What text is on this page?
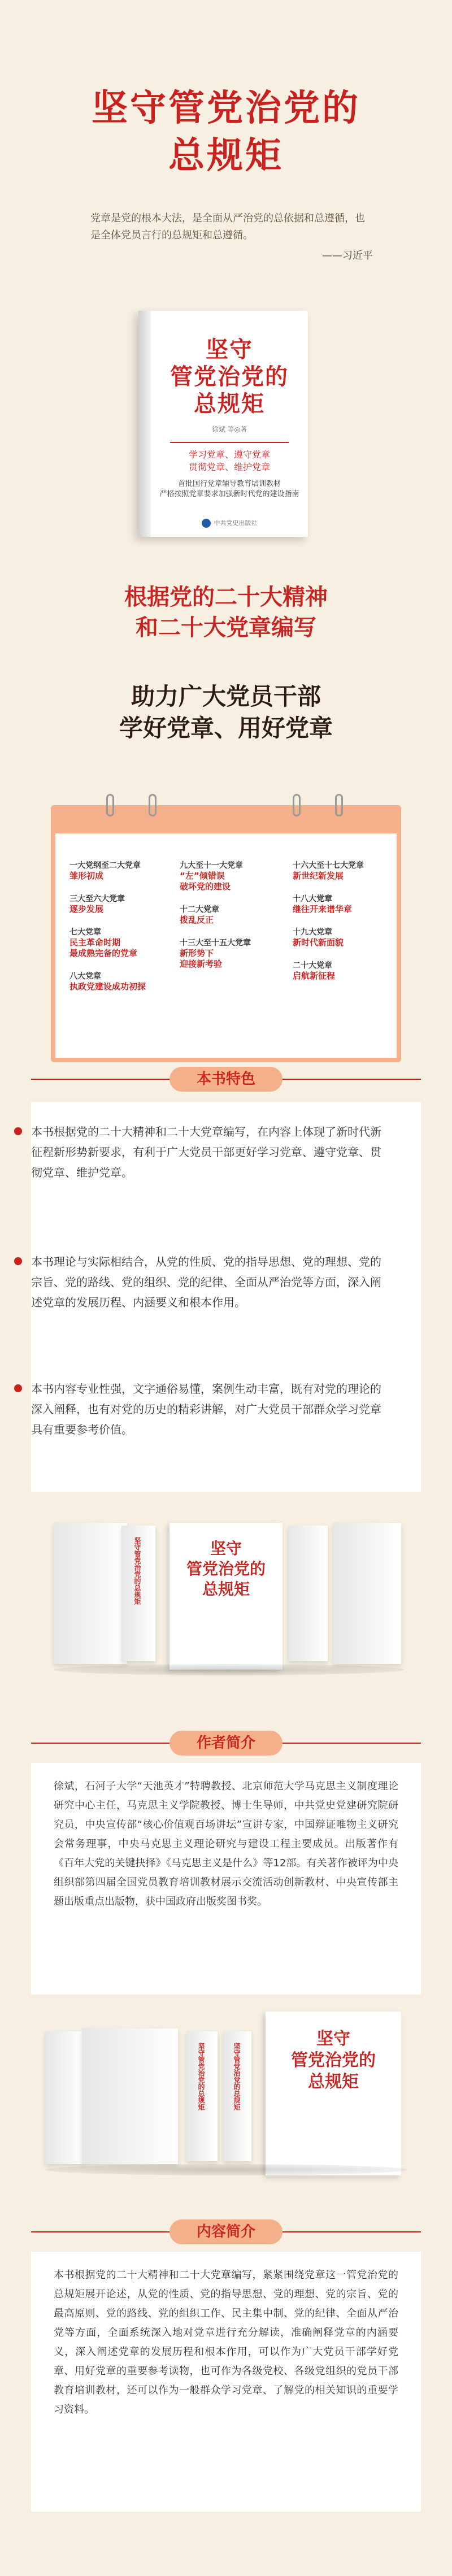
坚守管党治党的
总规矩
党章是党的根本大法，是全面从严治党的总依据和总遵循，也是全体党员言行的总规矩和总遵循。
——习近平
坚守
管党治党的
总规矩
徐斌 等◎著
学习党章、遵守党章
贯彻党章、维护党章
首批国行党章辅导教育培训教材
严格按照党章要求加强新时代党的建设指南
中共党史出版社
根据党的二十大精神
和二十大党章编写
助力广大党员干部
学好党章、用好党章
一大党纲至二大党章
雏形初成
三大至六大党章
逐步发展
七大党章
民主革命时期
最成熟完备的党章
八大党章
执政党建设成功初探
九大至十一大党章
“左”倾错误
破坏党的建设
十二大党章
拨乱反正
十三大至十五大党章
新形势下
迎接新考验
十六大至十七大党章
新世纪新发展
十八大党章
继往开来谱华章
十九大党章
新时代新面貌
二十大党章
启航新征程
本书特色
本书根据党的二十大精神和二十大党章编写，在内容上体现了新时代新征程新形势新要求，有利于广大党员干部更好学习党章、遵守党章、贯彻党章、维护党章。
本书理论与实际相结合，从党的性质、党的指导思想、党的理想、党的宗旨、党的路线、党的组织、党的纪律、全面从严治党等方面，深入阐述党章的发展历程、内涵要义和根本作用。
本书内容专业性强，文字通俗易懂，案例生动丰富，既有对党的理论的深入阐释，也有对党的历史的精彩讲解，对广大党员干部群众学习党章具有重要参考价值。
坚守管党治党的总规矩	坚守
管党治党的
总规矩
作者简介
徐斌，石河子大学“天池英才”特聘教授、北京师范大学马克思主义制度理论研究中心主任，马克思主义学院教授、博士生导师，中共党史党建研究院研究员，中央宣传部“核心价值观百场讲坛”宣讲专家，中国辩证唯物主义研究会常务理事，中央马克思主义理论研究与建设工程主要成员。出版著作有《百年大党的关键抉择》《马克思主义是什么》等12部。有关著作被评为中央组织部第四届全国党员教育培训教材展示交流活动创新教材、中央宣传部主题出版重点出版物，获中国政府出版奖图书奖。
坚守管党治党的总规矩	坚守管党治党的总规矩
坚守
管党治党的
总规矩
内容简介
本书根据党的二十大精神和二十大党章编写，紧紧围绕党章这一管党治党的总规矩展开论述，从党的性质、党的指导思想、党的理想、党的宗旨、党的最高原则、党的路线、党的组织工作、民主集中制、党的纪律、全面从严治党等方面，全面系统深入地对党章进行充分解读，准确阐释党章的内涵要义，深入阐述党章的发展历程和根本作用，可以作为广大党员干部学好党章、用好党章的重要参考读物，也可作为各级党校、各级党组织的党员干部教育培训教材，还可以作为一般群众学习党章、了解党的相关知识的重要学习资料。
